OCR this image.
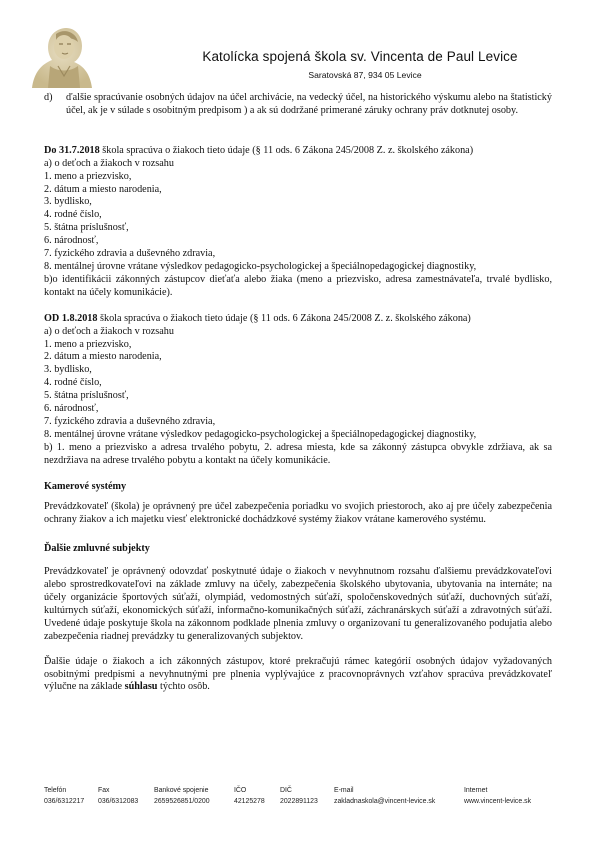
Katolícka spojená škola sv. Vincenta de Paul Levice
Saratovská 87, 934 05 Levice
d)	ďalšie spracúvanie osobných údajov na účel archivácie, na vedecký účel, na historického výskumu alebo na štatistický účel, ak je v súlade s osobitným predpisom ) a ak sú dodržané primerané záruky ochrany práv dotknutej osoby.

Do 31.7.2018 škola spracúva o žiakoch tieto údaje (§ 11 ods. 6 Zákona 245/2008 Z. z. školského zákona)

a) o deťoch a žiakoch v rozsahu

1. meno a priezvisko,

2. dátum a miesto narodenia,

3. bydlisko,

4. rodné číslo,

5. štátna príslušnosť,

6. národnosť,

7. fyzického zdravia a duševného zdravia,

8. mentálnej úrovne vrátane výsledkov pedagogicko-psychologickej a špeciálnopedagogickej diagnostiky,

b)o identifikácii zákonných zástupcov dieťaťa alebo žiaka (meno a priezvisko, adresa zamestnávateľa, trvalé bydlisko, kontakt na účely komunikácie).

OD 1.8.2018 škola spracúva o žiakoch tieto údaje (§ 11 ods. 6 Zákona 245/2008 Z. z. školského zákona)

a) o deťoch a žiakoch v rozsahu

1. meno a priezvisko,

2. dátum a miesto narodenia,

3. bydlisko,

4. rodné číslo,

5. štátna príslušnosť,

6. národnosť,

7. fyzického zdravia a duševného zdravia,

8. mentálnej úrovne vrátane výsledkov pedagogicko-psychologickej a špeciálnopedagogickej diagnostiky,

b) 1. meno a priezvisko a adresa trvalého pobytu, 2. adresa miesta, kde sa zákonný zástupca obvykle zdržiava, ak sa nezdržiava na adrese trvalého pobytu a kontakt na účely komunikácie.

Kamerové systémy

Prevádzkovateľ (škola) je oprávnený pre účel zabezpečenia poriadku vo svojich priestoroch, ako aj pre účely zabezpečenia ochrany žiakov a ich majetku viesť elektronické dochádzkové systémy žiakov vrátane kamerového systému.

Ďalšie zmluvné subjekty

Prevádzkovateľ je oprávnený odovzdať poskytnuté údaje o žiakoch v nevyhnutnom rozsahu ďalšiemu prevádzkovateľovi alebo sprostredkovateľovi na základe zmluvy na účely, zabezpečenia školského ubytovania, ubytovania na internáte; na účely organizácie športových súťaží, olympiád, vedomostných súťaží, spoločenskovedných súťaží, duchovných súťaží, kultúrnych súťaží, ekonomických súťaží, informačno-komunikačných súťaží, záchranárskych súťaží a zdravotných súťaží. Uvedené údaje poskytuje škola na zákonnom podklade plnenia zmluvy o organizovaní tu generalizovaného podujatia alebo zabezpečenia riadnej prevádzky tu generalizovaných subjektov.

Ďalšie údaje o žiakoch a ich zákonných zástupov, ktoré prekračujú rámec kategórií osobných údajov vyžadovaných osobitnými predpismi a nevyhnutnými pre plnenia vyplývajúce z pracovnoprávnych vzťahov spracúva prevádzkovateľ výlučne na základe súhlasu týchto osôb.

Telefón
036/6312217
Fax
036/6312083
Bankové spojenie
2659526851/0200
IČO
42125278
DIČ
2022891123
E-mail
zakladnaskola@vincent-levice.sk
Internet
www.vincent-levice.sk
